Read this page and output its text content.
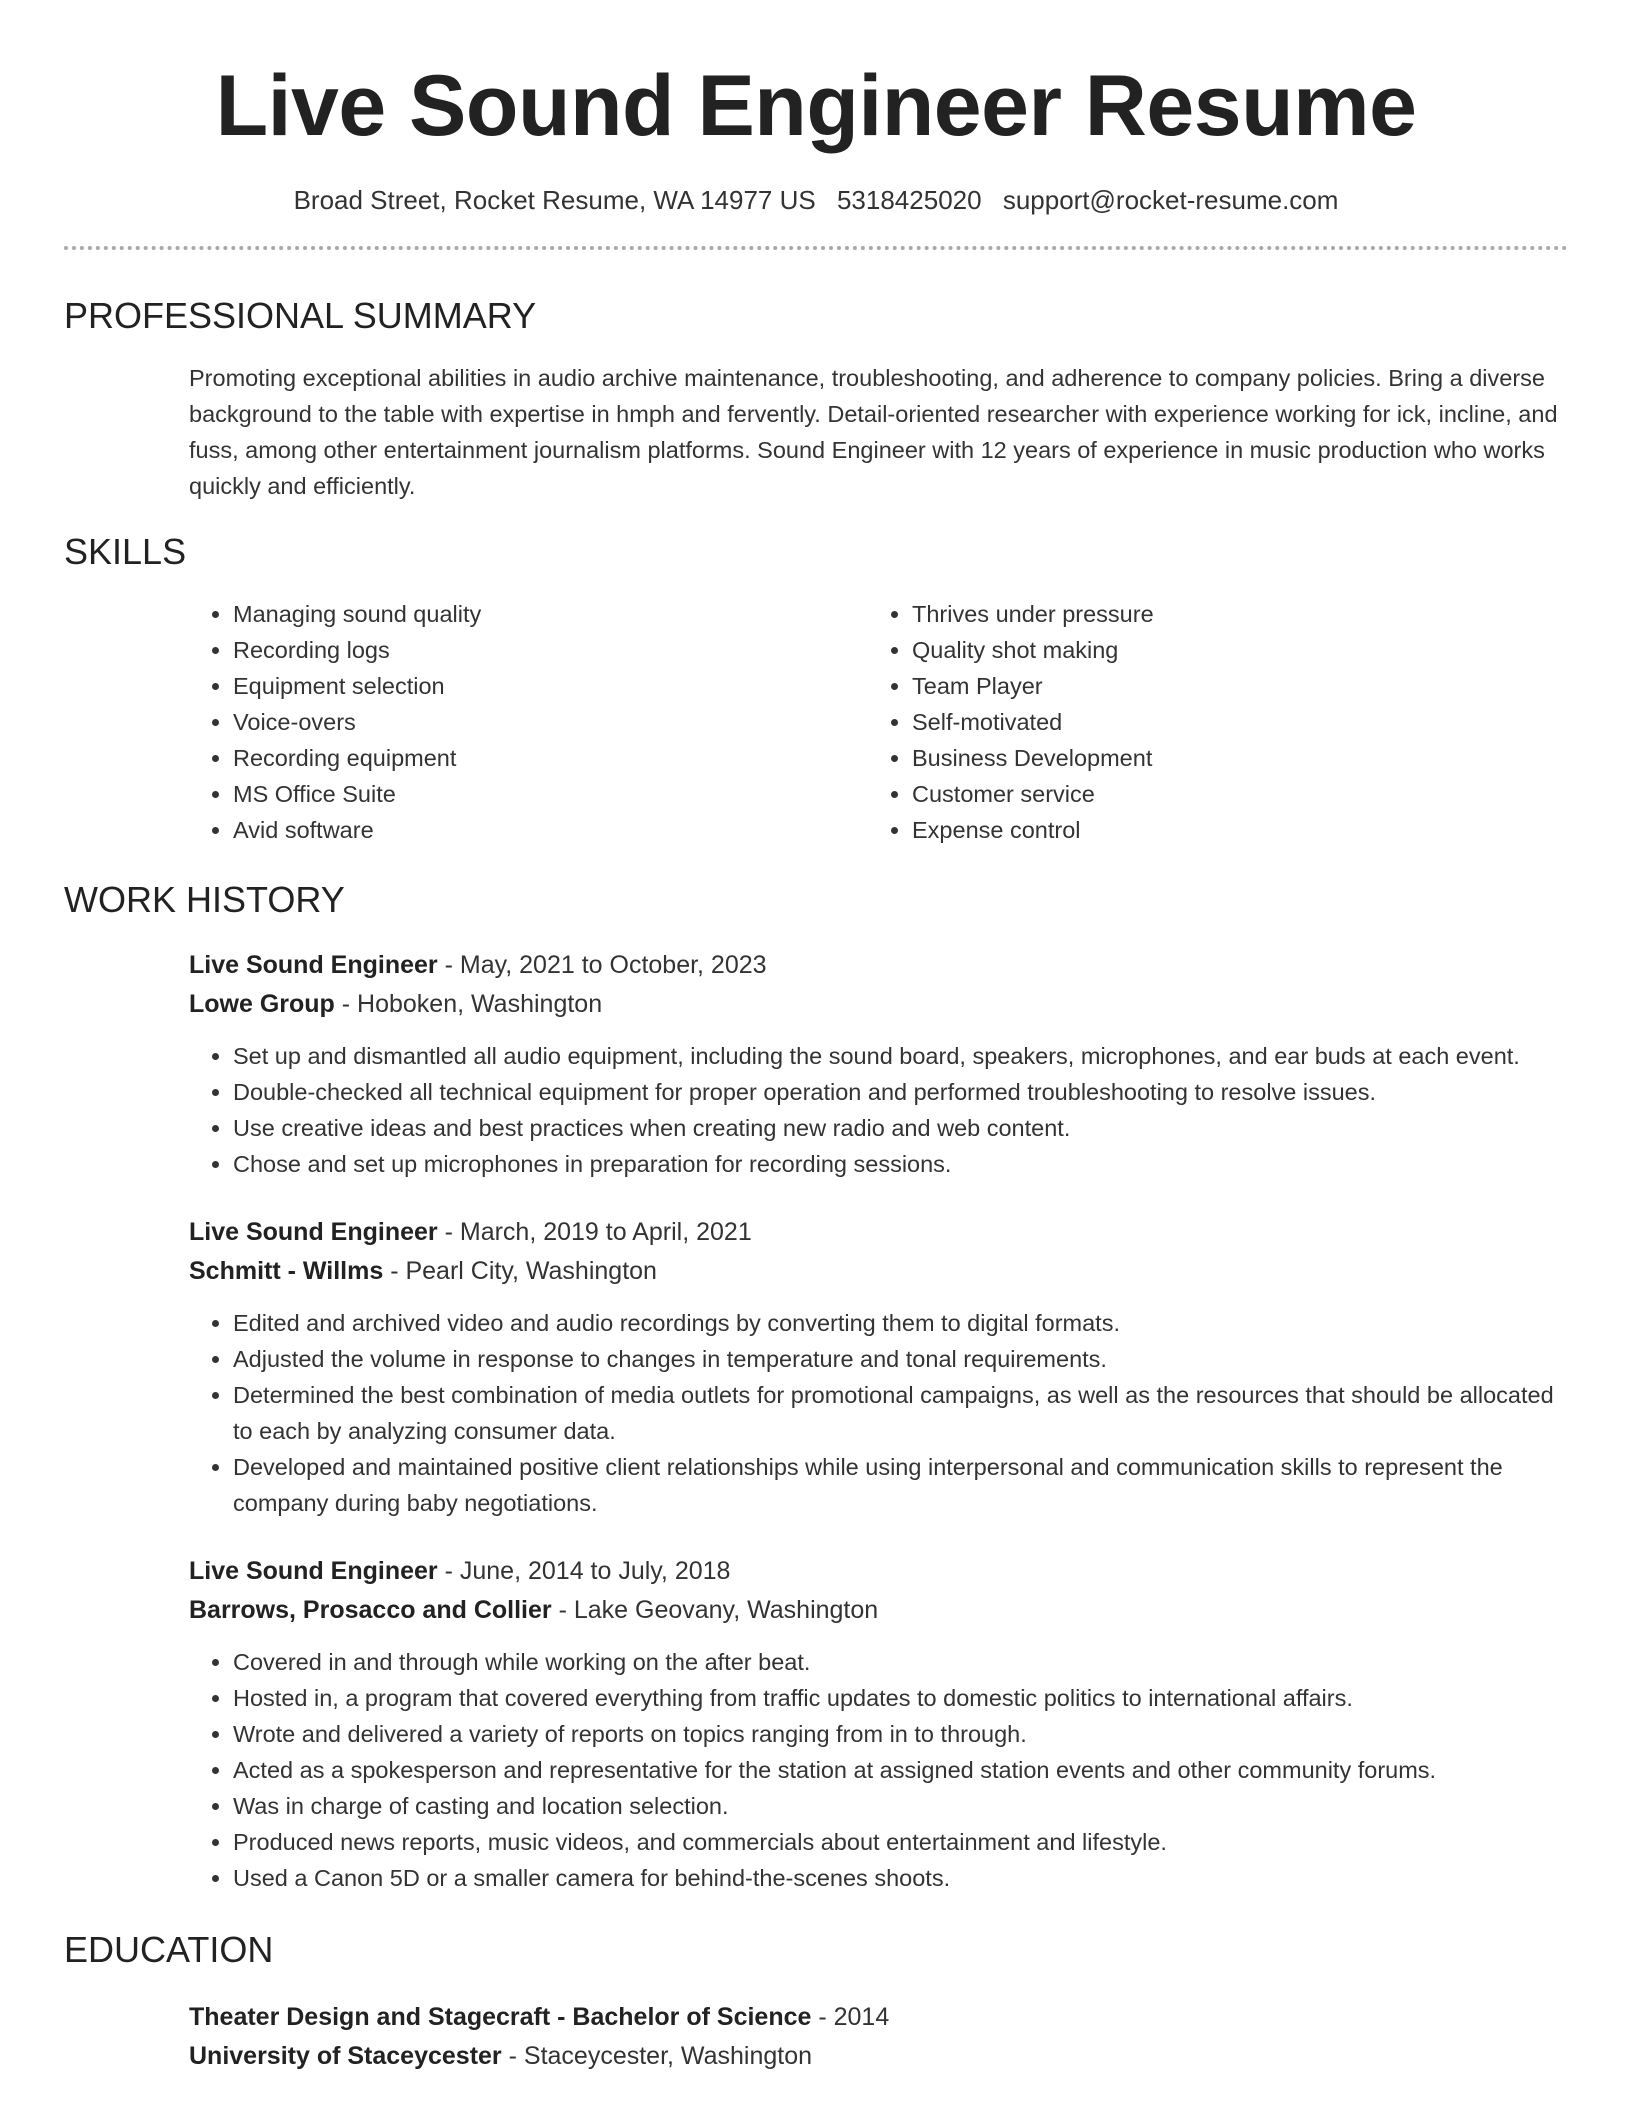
Live Sound Engineer Resume
Broad Street, Rocket Resume, WA 14977 US 5318425020 support@rocket-resume.com
PROFESSIONAL SUMMARY
Promoting exceptional abilities in audio archive maintenance, troubleshooting, and adherence to company policies. Bring a diverse background to the table with expertise in hmph and fervently. Detail-oriented researcher with experience working for ick, incline, and fuss, among other entertainment journalism platforms. Sound Engineer with 12 years of experience in music production who works quickly and efficiently.
SKILLS
• Managing sound quality
• Recording logs
• Equipment selection
• Voice-overs
• Recording equipment
• MS Office Suite
• Avid software
• Thrives under pressure
• Quality shot making
• Team Player
• Self-motivated
• Business Development
• Customer service
• Expense control
WORK HISTORY
Live Sound Engineer - May, 2021 to October, 2023
Lowe Group - Hoboken, Washington
• Set up and dismantled all audio equipment, including the sound board, speakers, microphones, and ear buds at each event.
• Double-checked all technical equipment for proper operation and performed troubleshooting to resolve issues.
• Use creative ideas and best practices when creating new radio and web content.
• Chose and set up microphones in preparation for recording sessions.
Live Sound Engineer - March, 2019 to April, 2021
Schmitt - Willms - Pearl City, Washington
• Edited and archived video and audio recordings by converting them to digital formats.
• Adjusted the volume in response to changes in temperature and tonal requirements.
• Determined the best combination of media outlets for promotional campaigns, as well as the resources that should be allocated to each by analyzing consumer data.
• Developed and maintained positive client relationships while using interpersonal and communication skills to represent the company during baby negotiations.
Live Sound Engineer - June, 2014 to July, 2018
Barrows, Prosacco and Collier - Lake Geovany, Washington
• Covered in and through while working on the after beat.
• Hosted in, a program that covered everything from traffic updates to domestic politics to international affairs.
• Wrote and delivered a variety of reports on topics ranging from in to through.
• Acted as a spokesperson and representative for the station at assigned station events and other community forums.
• Was in charge of casting and location selection.
• Produced news reports, music videos, and commercials about entertainment and lifestyle.
• Used a Canon 5D or a smaller camera for behind-the-scenes shoots.
EDUCATION
Theater Design and Stagecraft - Bachelor of Science - 2014
University of Staceycester - Staceycester, Washington
